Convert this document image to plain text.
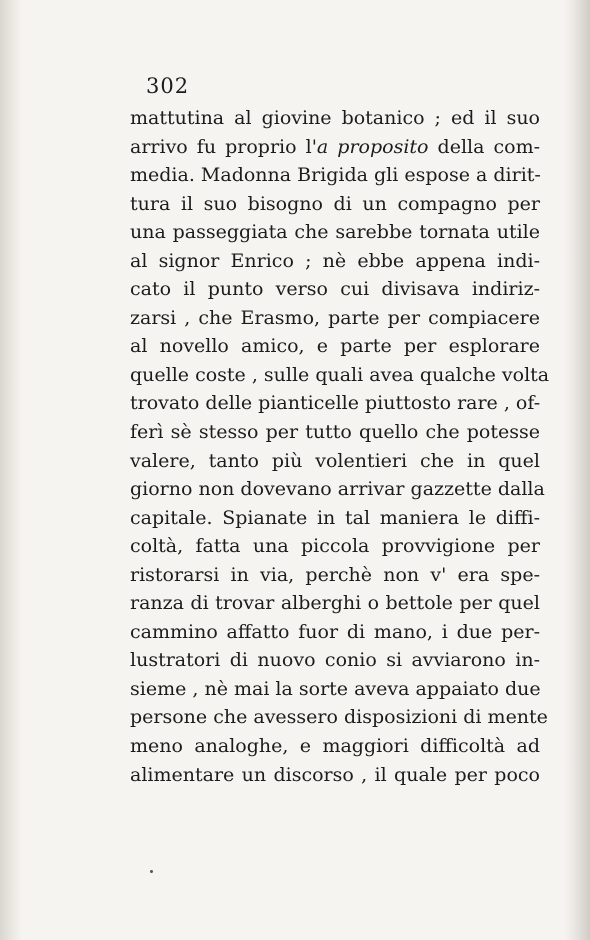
302
mattutina al giovine botanico ; ed il suo
arrivo fu proprio l'a proposito della com-
media. Madonna Brigida gli espose a dirit-
tura il suo bisogno di un compagno per
una passeggiata che sarebbe tornata utile
al signor Enrico ; nè ebbe appena indi-
cato il punto verso cui divisava indiriz-
zarsi , che Erasmo, parte per compiacere
al novello amico, e parte per esplorare
quelle coste , sulle quali avea qualche volta
trovato delle pianticelle piuttosto rare , of-
ferì sè stesso per tutto quello che potesse
valere, tanto più volentieri che in quel
giorno non dovevano arrivar gazzette dalla
capitale. Spianate in tal maniera le diffi-
coltà, fatta una piccola provvigione per
ristorarsi in via, perchè non v' era spe-
ranza di trovar alberghi o bettole per quel
cammino affatto fuor di mano, i due per-
lustratori di nuovo conio si avviarono in-
sieme , nè mai la sorte aveva appaiato due
persone che avessero disposizioni di mente
meno analoghe, e maggiori difficoltà ad
alimentare un discorso , il quale per poco
